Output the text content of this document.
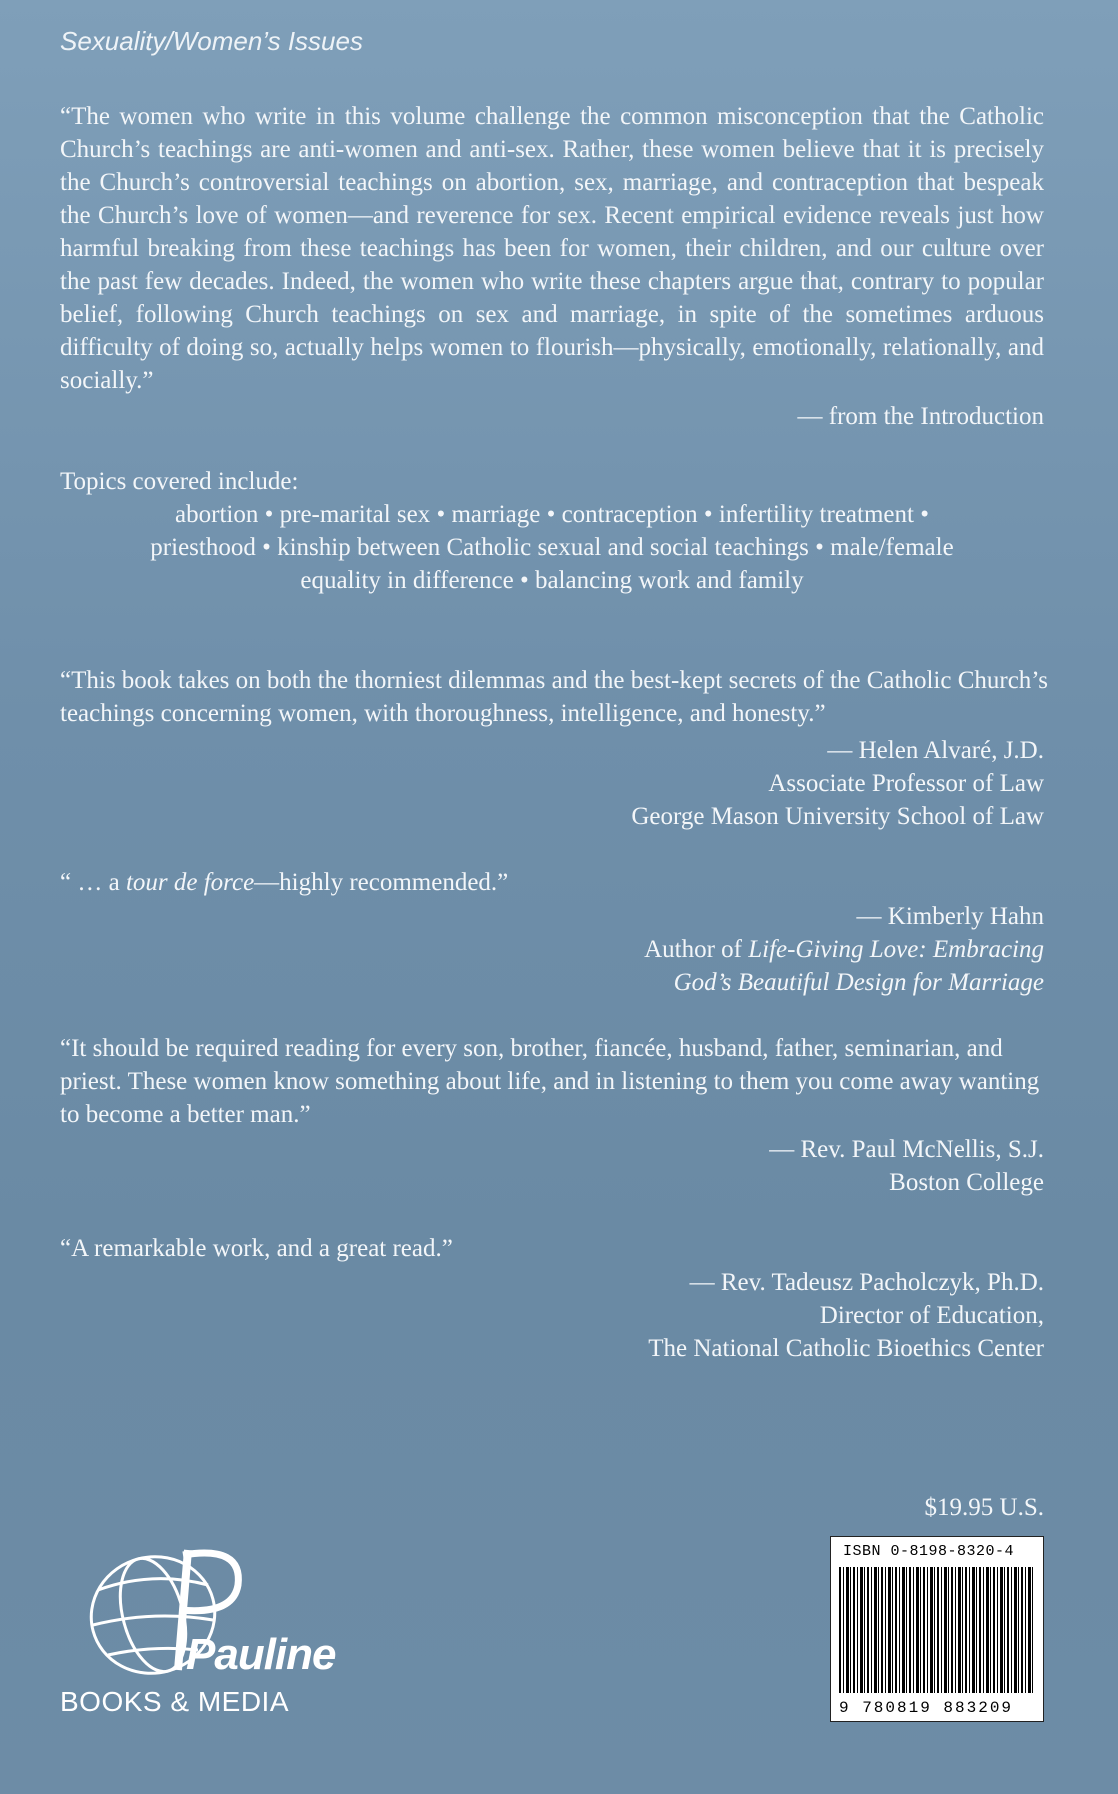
Sexuality/Women’s Issues

“The women who write in this volume challenge the common misconception that the Catholic Church’s teachings are anti-women and anti-sex. Rather, these women believe that it is precisely the Church’s controversial teachings on abortion, sex, marriage, and contraception that bespeak the Church’s love of women—and reverence for sex. Recent empirical evidence reveals just how harmful breaking from these teachings has been for women, their children, and our culture over the past few decades. Indeed, the women who write these chapters argue that, contrary to popular belief, following Church teachings on sex and marriage, in spite of the sometimes arduous difficulty of doing so, actually helps women to flourish—physically, emotionally, relationally, and socially.”

— from the Introduction
Topics covered include:
abortion • pre-marital sex • marriage • contraception • infertility treatment •
priesthood • kinship between Catholic sexual and social teachings • male/female
equality in difference • balancing work and family

“This book takes on both the thorniest dilemmas and the best-kept secrets of the Catholic Church’s teachings concerning women, with thoroughness, intelligence, and honesty.”

— Helen Alvaré, J.D.
Associate Professor of Law
George Mason University School of Law

“ … a tour de force—highly recommended.”

— Kimberly Hahn
Author of Life-Giving Love: Embracing
God’s Beautiful Design for Marriage

“It should be required reading for every son, brother, fiancée, husband, father, seminarian, and priest. These women know something about life, and in listening to them you come away wanting to become a better man.”

— Rev. Paul McNellis, S.J.
Boston College

“A remarkable work, and a great read.”

— Rev. Tadeusz Pacholczyk, Ph.D.
Director of Education,
The National Catholic Bioethics Center
$19.95 U.S.
ISBN 0-8198-8320-4
9 780819 883209
Pauline
BOOKS & MEDIA
